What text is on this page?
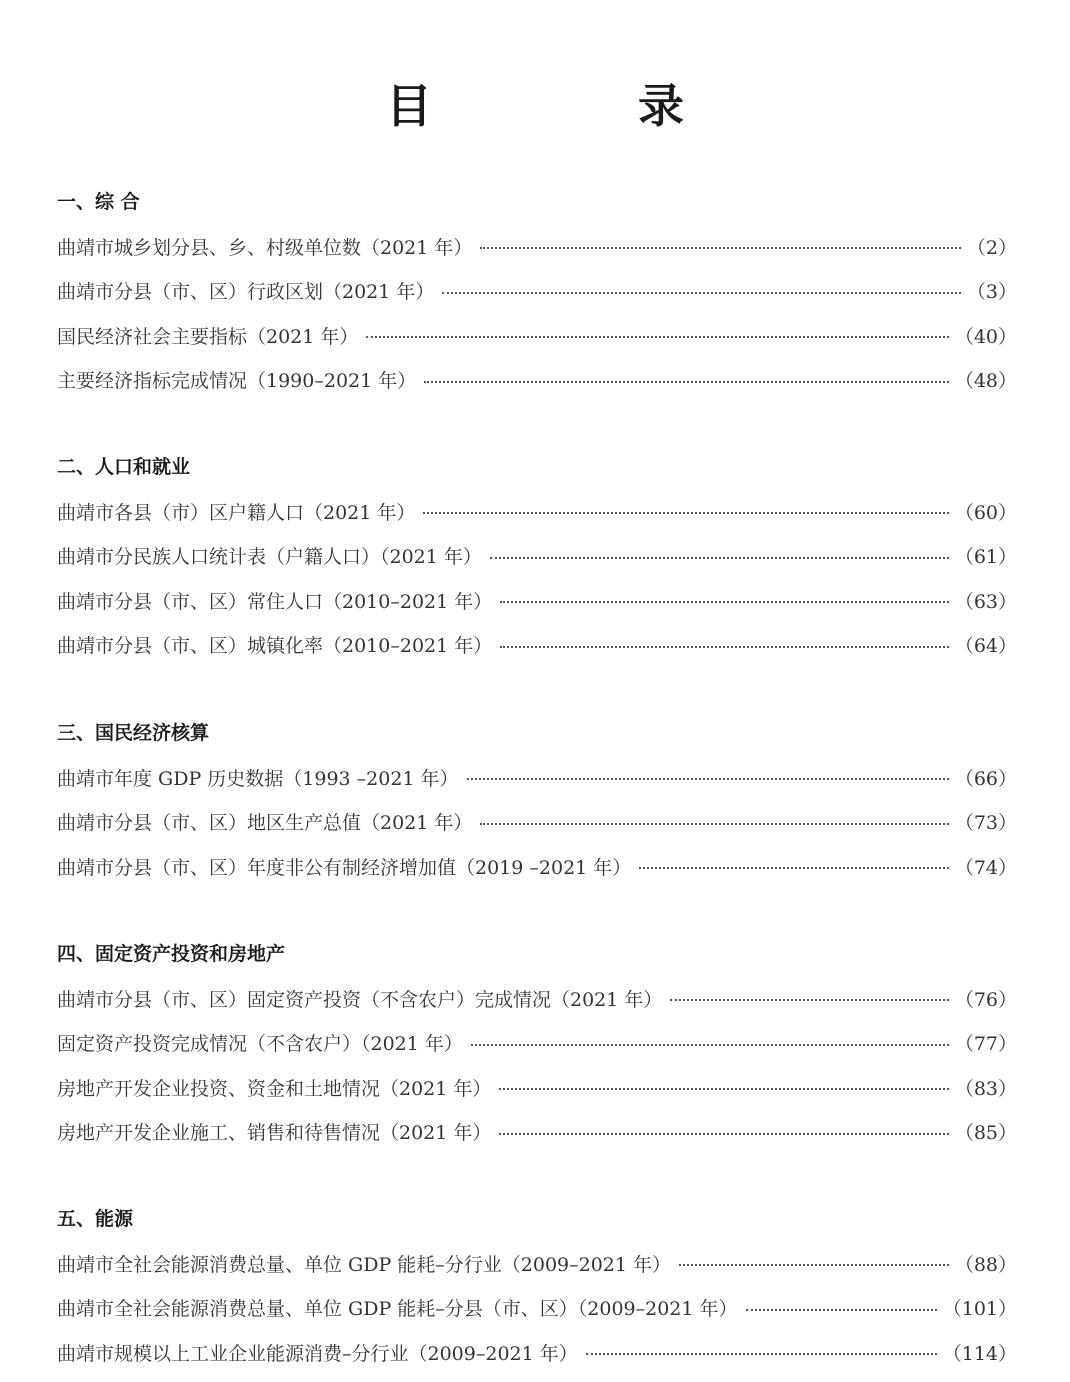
目　录
一、综 合
曲靖市城乡划分县、乡、村级单位数（2021 年）	（2）
曲靖市分县（市、区）行政区划（2021 年）	（3）
国民经济社会主要指标（2021 年）	（40）
主要经济指标完成情况（1990–2021 年）	（48）
二、人口和就业
曲靖市各县（市）区户籍人口（2021 年）	（60）
曲靖市分民族人口统计表（户籍人口）（2021 年）	（61）
曲靖市分县（市、区）常住人口（2010–2021 年）	（63）
曲靖市分县（市、区）城镇化率（2010–2021 年）	（64）
三、国民经济核算
曲靖市年度 GDP 历史数据（1993 –2021 年）	（66）
曲靖市分县（市、区）地区生产总值（2021 年）	（73）
曲靖市分县（市、区）年度非公有制经济增加值（2019 –2021 年）	（74）
四、固定资产投资和房地产
曲靖市分县（市、区）固定资产投资（不含农户）完成情况（2021 年）	（76）
固定资产投资完成情况（不含农户）（2021 年）	（77）
房地产开发企业投资、资金和土地情况（2021 年）	（83）
房地产开发企业施工、销售和待售情况（2021 年）	（85）
五、能源
曲靖市全社会能源消费总量、单位 GDP 能耗–分行业（2009–2021 年）	（88）
曲靖市全社会能源消费总量、单位 GDP 能耗–分县（市、区）（2009–2021 年）	（101）
曲靖市规模以上工业企业能源消费–分行业（2009–2021 年）	（114）
